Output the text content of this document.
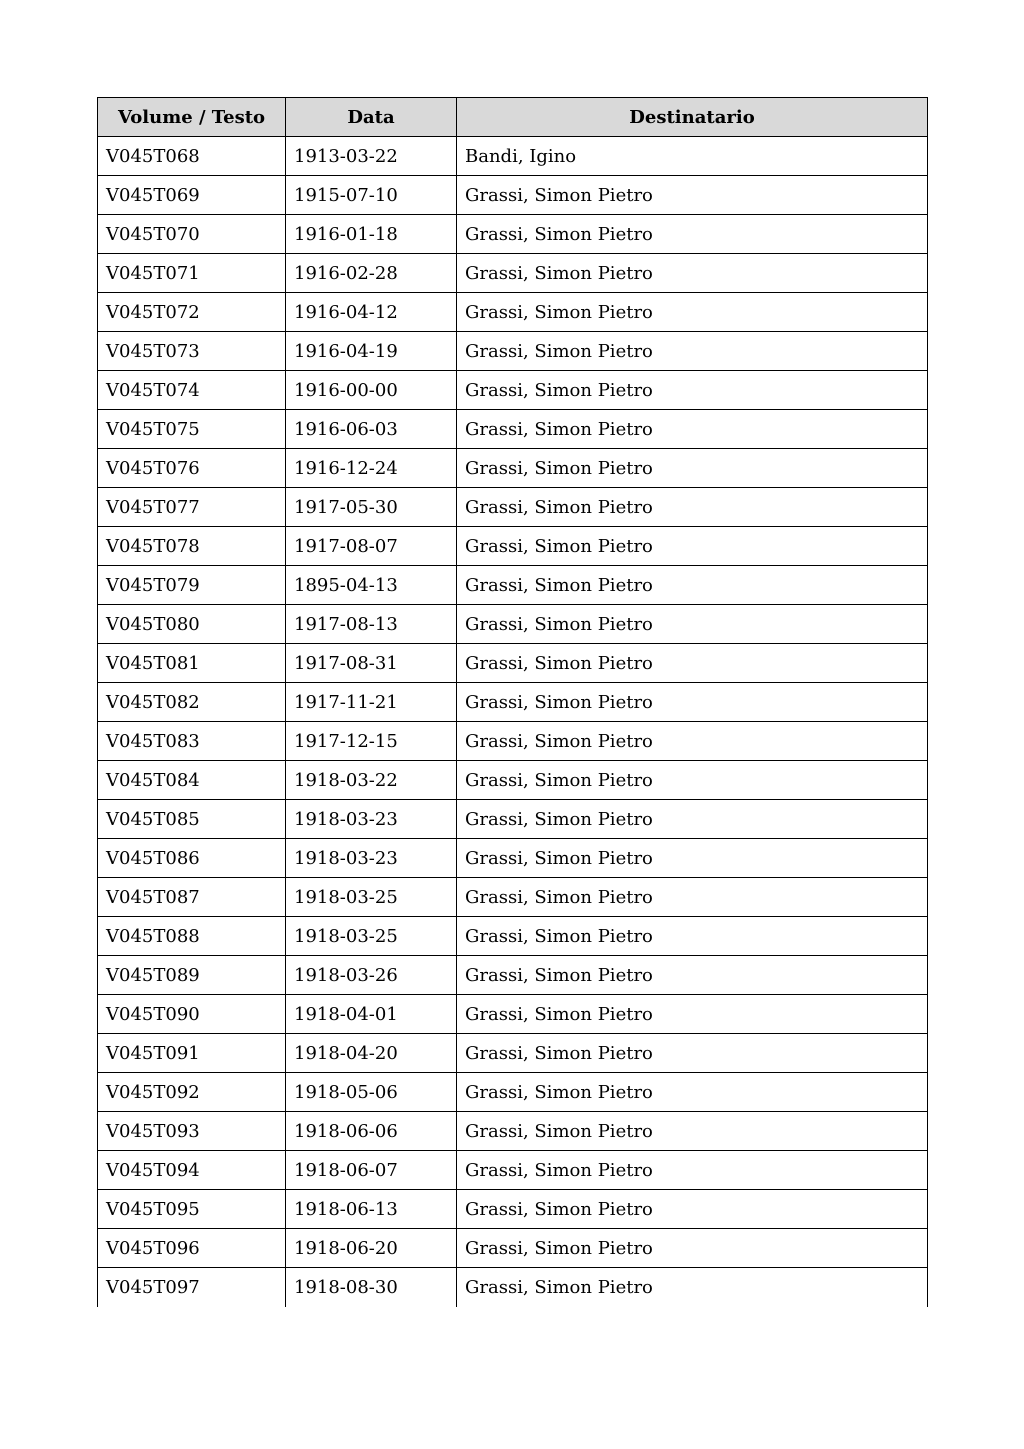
Volume / Testo	Data	Destinatario
V045T068	1913-03-22	Bandi, Igino
V045T069	1915-07-10	Grassi, Simon Pietro
V045T070	1916-01-18	Grassi, Simon Pietro
V045T071	1916-02-28	Grassi, Simon Pietro
V045T072	1916-04-12	Grassi, Simon Pietro
V045T073	1916-04-19	Grassi, Simon Pietro
V045T074	1916-00-00	Grassi, Simon Pietro
V045T075	1916-06-03	Grassi, Simon Pietro
V045T076	1916-12-24	Grassi, Simon Pietro
V045T077	1917-05-30	Grassi, Simon Pietro
V045T078	1917-08-07	Grassi, Simon Pietro
V045T079	1895-04-13	Grassi, Simon Pietro
V045T080	1917-08-13	Grassi, Simon Pietro
V045T081	1917-08-31	Grassi, Simon Pietro
V045T082	1917-11-21	Grassi, Simon Pietro
V045T083	1917-12-15	Grassi, Simon Pietro
V045T084	1918-03-22	Grassi, Simon Pietro
V045T085	1918-03-23	Grassi, Simon Pietro
V045T086	1918-03-23	Grassi, Simon Pietro
V045T087	1918-03-25	Grassi, Simon Pietro
V045T088	1918-03-25	Grassi, Simon Pietro
V045T089	1918-03-26	Grassi, Simon Pietro
V045T090	1918-04-01	Grassi, Simon Pietro
V045T091	1918-04-20	Grassi, Simon Pietro
V045T092	1918-05-06	Grassi, Simon Pietro
V045T093	1918-06-06	Grassi, Simon Pietro
V045T094	1918-06-07	Grassi, Simon Pietro
V045T095	1918-06-13	Grassi, Simon Pietro
V045T096	1918-06-20	Grassi, Simon Pietro
V045T097	1918-08-30	Grassi, Simon Pietro
